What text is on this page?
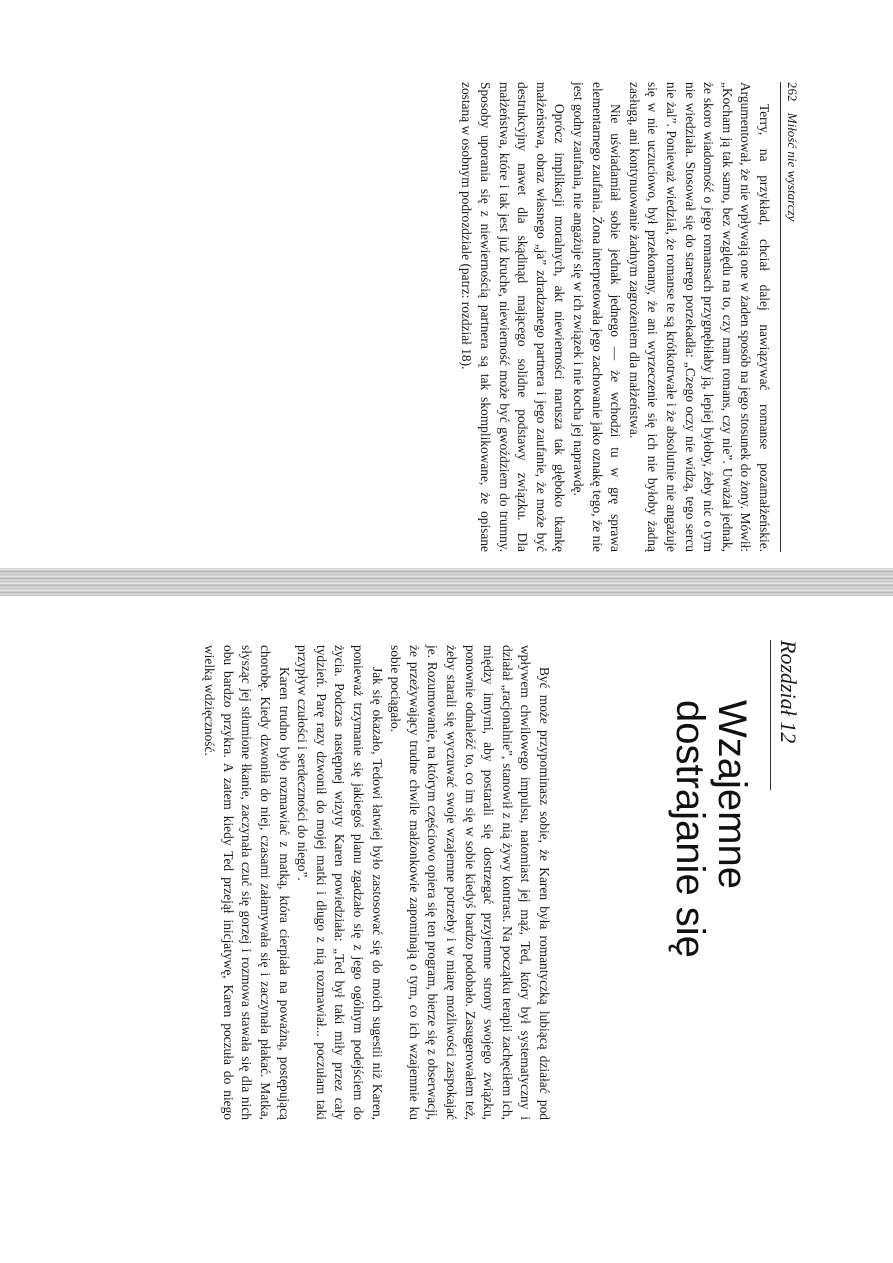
262 Miłość nie wystarczy

Terry, na przykład, chciał dalej nawiązywać romanse pozamałżeńskie. Argumentował, że nie wpływają one w żaden sposób na jego stosunek do żony. Mówił: „Kocham ją tak samo, bez względu na to, czy mam romans, czy nie”. Uważał jednak, że skoro wiadomość o jego romansach przygnębiłaby ją, lepiej byłoby, żeby nic o tym nie wiedziała. Stosował się do starego porzekadła: „Czego oczy nie widzą, tego sercu nie żal”. Ponieważ wiedział, że romanse te są krótkotrwałe i że absolutnie nie angażuje się w nie uczuciowo, był przekonany, że ani wyrzeczenie się ich nie byłoby żadną zasługą, ani kontynuowanie żadnym zagrożeniem dla małżeństwa.

Nie uświadamiał sobie jednak jednego — że wchodzi tu w grę sprawa elementarnego zaufania. Żona interpretowała jego zachowanie jako oznakę tego, że nie jest godny zaufania, nie angażuje się w ich związek i nie kocha jej naprawdę.

Oprócz implikacji moralnych, akt niewierności narusza tak głęboko tkankę małżeństwa, obraz własnego „ja” zdradzanego partnera i jego zaufanie, że może być destrukcyjny nawet dla skądinąd mającego solidne podstawy związku. Dla małżeństwa, które i tak jest już kruche, niewierność może być gwoździem do trumny. Sposoby uporania się z niewiernością partnera są tak skomplikowane, że opisane zostaną w osobnym podrozdziale (patrz: rozdział 18).

Rozdział 12
Wzajemne
dostrajanie się

Być może przypominasz sobie, że Karen była romantyczką lubiącą działać pod wpływem chwilowego impulsu, natomiast jej mąż, Ted, który był systematyczny i działał „racjonalnie”, stanowił z nią żywy kontrast. Na początku terapii zachęciłem ich, między innymi, aby postarali się dostrzegać przyjemne strony swojego związku, ponownie odnaleźć to, co im się w sobie kiedyś bardzo podobało. Zasugerowałem też, żeby starali się wyczuwać swoje wzajemne potrzeby i w miarę możliwości zaspokajać je. Rozumowanie, na którym częściowo opiera się ten program, bierze się z obserwacji, że przeżywający trudne chwile małżonkowie zapominają o tym, co ich wzajemnie ku sobie pociągało.

Jak się okazało, Tedowi łatwiej było zastosować się do moich sugestii niż Karen, ponieważ trzymanie się jakiegoś planu zgadzało się z jego ogólnym podejściem do życia. Podczas następnej wizyty Karen powiedziała: „Ted był taki miły przez cały tydzień. Parę razy dzwonił do mojej matki i długo z nią rozmawiał... poczułam taki przypływ czułości i serdeczności do niego”.

Karen trudno było rozmawiać z matką, która cierpiała na poważną, postępującą chorobę. Kiedy dzwoniła do niej, czasami załamywała się i zaczynała płakać. Matka, słysząc jej stłumione łkanie, zaczynała czuć się gorzej i rozmowa stawała się dla nich obu bardzo przykra. A zatem kiedy Ted przejął inicjatywę, Karen poczuła do niego wielką wdzięczność.
